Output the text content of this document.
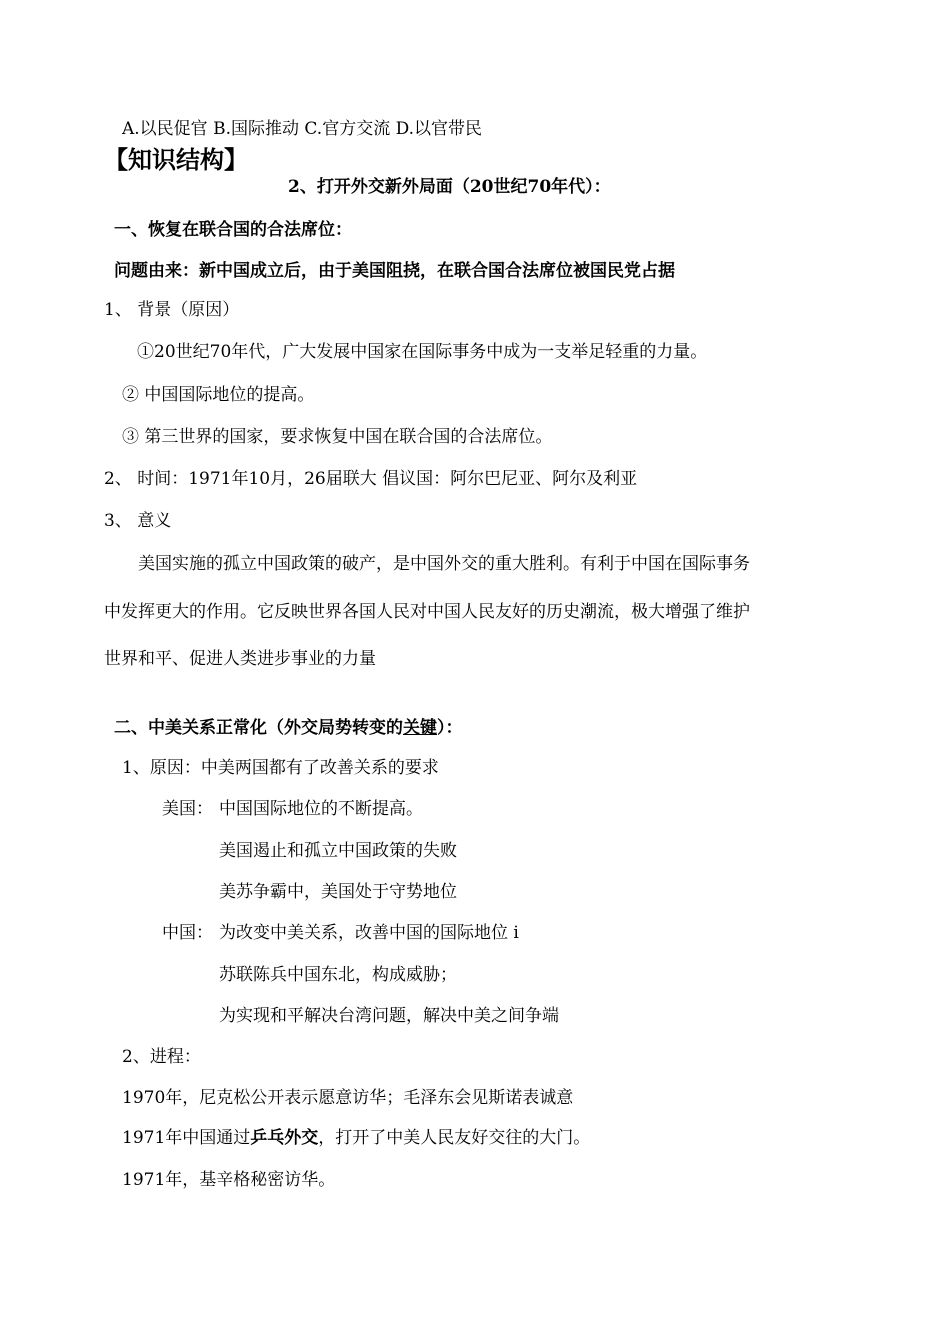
A.以民促官 B.国际推动 C.官方交流 D.以官带民
【知识结构】
2、打开外交新外局面（20世纪70年代）：
一、恢复在联合国的合法席位：
问题由来：新中国成立后，由于美国阻挠，在联合国合法席位被国民党占据
1、 背景（原因）
①20世纪70年代，广大发展中国家在国际事务中成为一支举足轻重的力量。
② 中国国际地位的提高。
③ 第三世界的国家，要求恢复中国在联合国的合法席位。
2、 时间：1971年10月，26届联大 倡议国：阿尔巴尼亚、阿尔及利亚
3、 意义
美国实施的孤立中国政策的破产，是中国外交的重大胜利。有利于中国在国际事务
中发挥更大的作用。它反映世界各国人民对中国人民友好的历史潮流，极大增强了维护
世界和平、促进人类进步事业的力量
二、中美关系正常化（外交局势转变的关键）：
1、原因：中美两国都有了改善关系的要求
美国： 中国国际地位的不断提高。
美国遏止和孤立中国政策的失败
美苏争霸中，美国处于守势地位
中国： 为改变中美关系，改善中国的国际地位 i
苏联陈兵中国东北，构成威胁；
为实现和平解决台湾问题，解决中美之间争端
2、进程：
1970年，尼克松公开表示愿意访华；毛泽东会见斯诺表诚意
1971年中国通过乒乓外交，打开了中美人民友好交往的大门。
1971年，基辛格秘密访华。
